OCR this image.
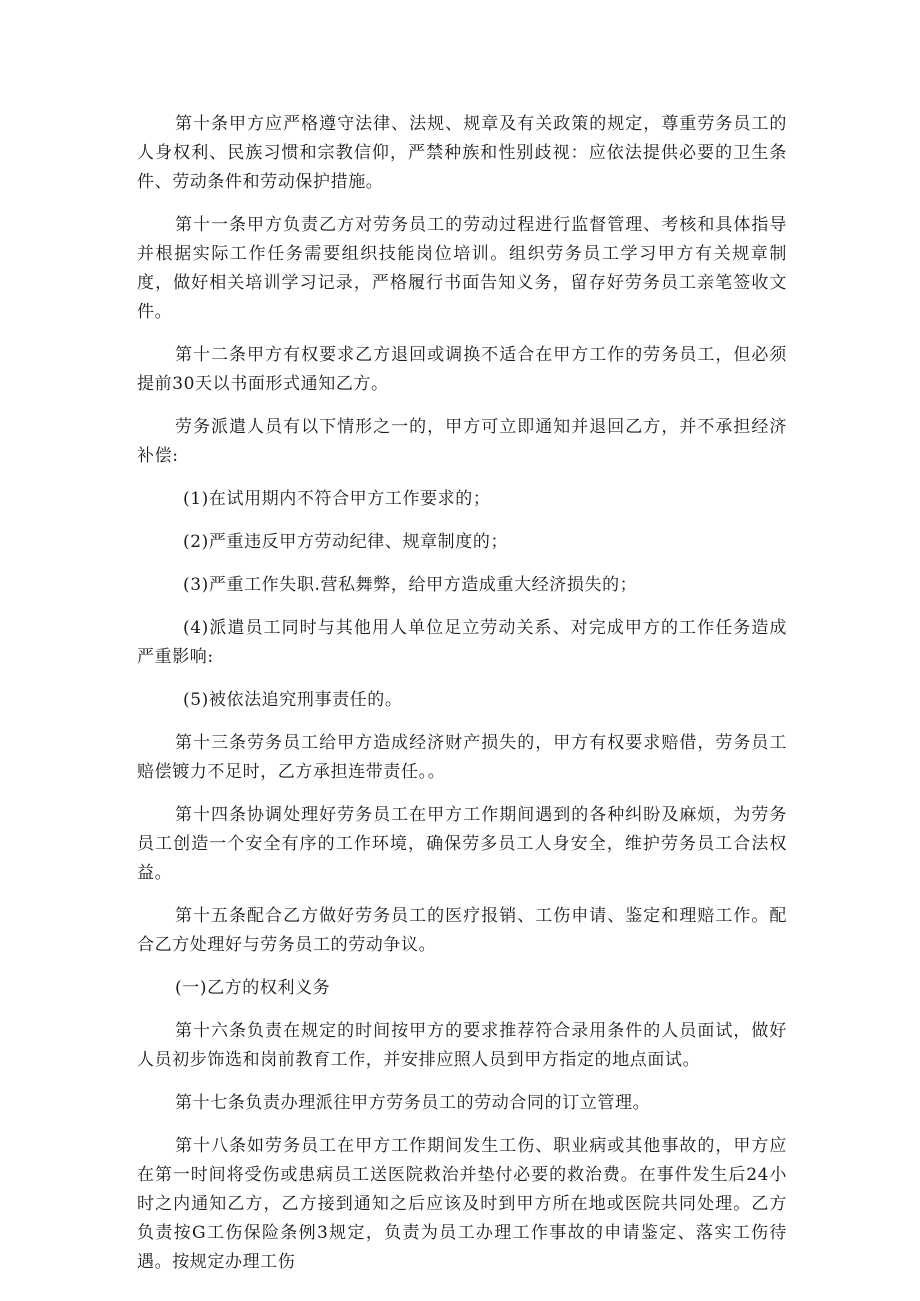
第十条甲方应严格遵守法律、法规、规章及有关政策的规定，尊重劳务员工的人身权利、民族习惯和宗教信仰，严禁种族和性别歧视：应依法提供必要的卫生条件、劳动条件和劳动保护措施。

第十一条甲方负责乙方对劳务员工的劳动过程进行监督管理、考核和具体指导并根据实际工作任务需要组织技能岗位培训。组织劳务员工学习甲方有关规章制度，做好相关培训学习记录，严格履行书面告知义务，留存好劳务员工亲笔签收文件。

第十二条甲方有权要求乙方退回或调换不适合在甲方工作的劳务员工，但必须提前30天以书面形式通知乙方。

劳务派遣人员有以下情形之一的，甲方可立即通知并退回乙方，并不承担经济补偿:

(1)在试用期内不符合甲方工作要求的；

(2)严重违反甲方劳动纪律、规章制度的；

(3)严重工作失职.营私舞弊，给甲方造成重大经济损失的；

(4)派遣员工同时与其他用人单位足立劳动关系、对完成甲方的工作任务造成严重影响:

(5)被依法追究刑事责任的。

第十三条劳务员工给甲方造成经济财产损失的，甲方有权要求赔借，劳务员工赔偿镀力不足时，乙方承担连带责任。。

第十四条协调处理好劳务员工在甲方工作期间遇到的各种纠盼及麻烦，为劳务员工创造一个安全有序的工作环境，确保劳多员工人身安全，维护劳务员工合法权益。

第十五条配合乙方做好劳务员工的医疗报销、工伤申请、鉴定和理赔工作。配合乙方处理好与劳务员工的劳动争议。

(一)乙方的权利义务

第十六条负责在规定的时间按甲方的要求推荐符合录用条件的人员面试，做好人员初步饰选和岗前教育工作，并安排应照人员到甲方指定的地点面试。

第十七条负责办理派往甲方劳务员工的劳动合同的订立管理。

第十八条如劳务员工在甲方工作期间发生工伤、职业病或其他事故的，甲方应在第一时间将受伤或患病员工送医院救治并垫付必要的救治费。在事件发生后24小时之内通知乙方，乙方接到通知之后应该及时到甲方所在地或医院共同处理。乙方负责按G工伤保险条例3规定，负责为员工办理工作事故的申请鉴定、落实工伤待遇。按规定办理工伤
